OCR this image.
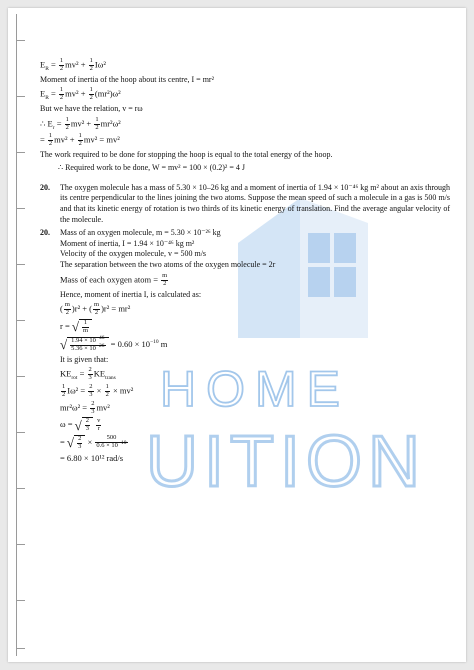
HOME
UITION
$E_R = \frac{1}{2} mv^2 + \frac{1}{2} I\omega^2$
Moment of inertia of the hoop about its centre, I = mr²
$E_R = \frac{1}{2} mv^2 + \frac{1}{2} (mr^2)\omega^2$
But we have the relation, v = rω
∴ $E_r = \frac{1}{2} mv^2 + \frac{1}{2} mr^2\omega^2$
= $\frac{1}{2} mv^2 + \frac{1}{2} mv^2 = mv^2$
The work required to be done for stopping the hoop is equal to the total energy of the hoop.
∴ Required work to be done, W = mv² = 100 × (0.2)² = 4 J
20.	The oxygen molecule has a mass of 5.30 × 10–26 kg and a moment of inertia of 1.94 × 10⁻⁴⁶ kg m² about an axis through its centre perpendicular to the lines joining the two atoms. Suppose the mean speed of such a molecule in a gas is 500 m/s and that its kinetic energy of rotation is two thirds of its kinetic energy of translation. Find the average angular velocity of the molecule.
20.	Mass of an oxygen molecule, m = 5.30 × 10⁻²⁶ kg
Moment of inertia, I = 1.94 × 10⁻⁴⁶ kg m²
Velocity of the oxygen molecule, v = 500 m/s
The separation between the two atoms of the oxygen molecule = 2r
Mass of each oxygen atom = $\frac{m}{2}$
Hence, moment of inertia I, is calculated as:
( $\frac{m}{2} )r^2$ + ( $\frac{m}{2} )r^2 = mr^2$
r = √ $\frac{1}{m}$
√ $\frac{1.94 \times 10^{-46}}{5.36 \times 10^{-26}} = 0.60 \times 10^{-10}$ m
It is given that:
$KE_{rot} = \frac{2}{3} KE_{trans}$
$\frac{1}{2} I\omega^2 = \frac{2}{3} \times \frac{1}{2} \times mv^2$
$mr^2\omega^2 = \frac{2}{3} mv^2$
ω = √ $\frac{2}{3}$
$\frac{v}{r}$
= √ $\frac{2}{3} \times \frac{500}{0.6 \times 10^{-10}}$
= 6.80 × 10¹² rad/s
